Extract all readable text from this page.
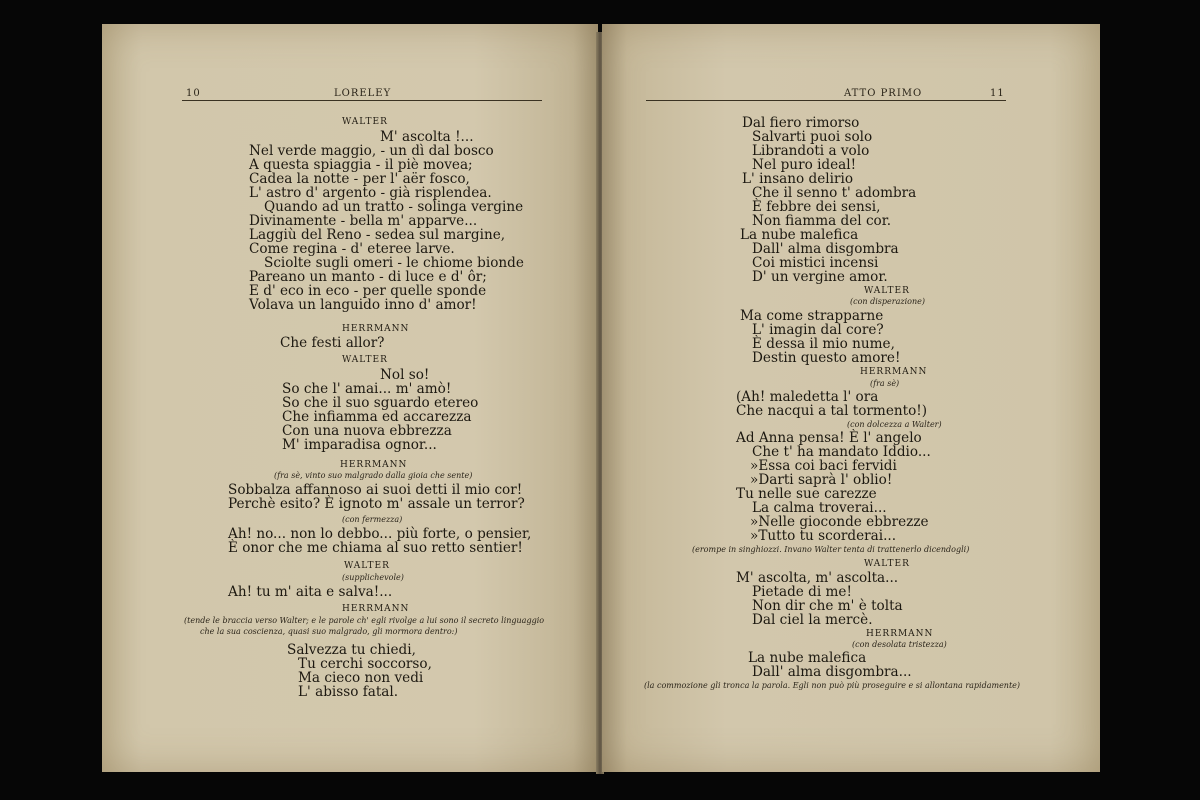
10	LORELEY
WALTER
M' ascolta !...
Nel verde maggio, - un dì dal bosco
A questa spiaggia - il piè movea;
Cadea la notte - per l' aër fosco,
L' astro d' argento - già risplendea.
Quando ad un tratto - solinga vergine
Divinamente - bella m' apparve...
Laggiù del Reno - sedea sul margine,
Come regina - d' eteree larve.
Sciolte sugli omeri - le chiome bionde
Pareano un manto - di luce e d' ôr;
E d' eco in eco - per quelle sponde
Volava un languido inno d' amor!
HERRMANN
Che festi allor?
WALTER
Nol so!
So che l' amai... m' amò!
So che il suo sguardo etereo
Che infiamma ed accarezza
Con una nuova ebbrezza
M' imparadisa ognor...
HERRMANN
(fra sè, vinto suo malgrado dalla gioia che sente)
Sobbalza affannoso ai suoi detti il mio cor!
Perchè esito? È ignoto m' assale un terror?
(con fermezza)
Ah! no... non lo debbo... più forte, o pensier,
È onor che me chiama al suo retto sentier!
WALTER
(supplichevole)
Ah! tu m' aita e salva!...
HERRMANN
(tende le braccia verso Walter; e le parole ch' egli rivolge a lui sono il secreto linguaggio
che la sua coscienza, quasi suo malgrado, gli mormora dentro:)
Salvezza tu chiedi,
Tu cerchi soccorso,
Ma cieco non vedi
L' abisso fatal.
ATTO PRIMO	11
Dal fiero rimorso
Salvarti puoi solo
Librandoti a volo
Nel puro ideal!
L' insano delirio
Che il senno t' adombra
È febbre dei sensi,
Non fiamma del cor.
La nube malefica
Dall' alma disgombra
Coi mistici incensi
D' un vergine amor.
WALTER
(con disperazione)
Ma come strapparne
L' imagin dal core?
È dessa il mio nume,
Destin questo amore!
HERRMANN
(fra sè)
(Ah! maledetta l' ora
Che nacqui a tal tormento!)
(con dolcezza a Walter)
Ad Anna pensa! È l' angelo
Che t' ha mandato Iddio...
»Essa coi baci fervidi
»Darti saprà l' oblio!
Tu nelle sue carezze
La calma troverai...
»Nelle gioconde ebbrezze
»Tutto tu scorderai...
(erompe in singhiozzi. Invano Walter tenta di trattenerlo dicendogli)
WALTER
M' ascolta, m' ascolta...
Pietade di me!
Non dir che m' è tolta
Dal ciel la mercè.
HERRMANN
(con desolata tristezza)
La nube malefica
Dall' alma disgombra...
(la commozione gli tronca la parola. Egli non può più proseguire e si allontana rapidamente)
